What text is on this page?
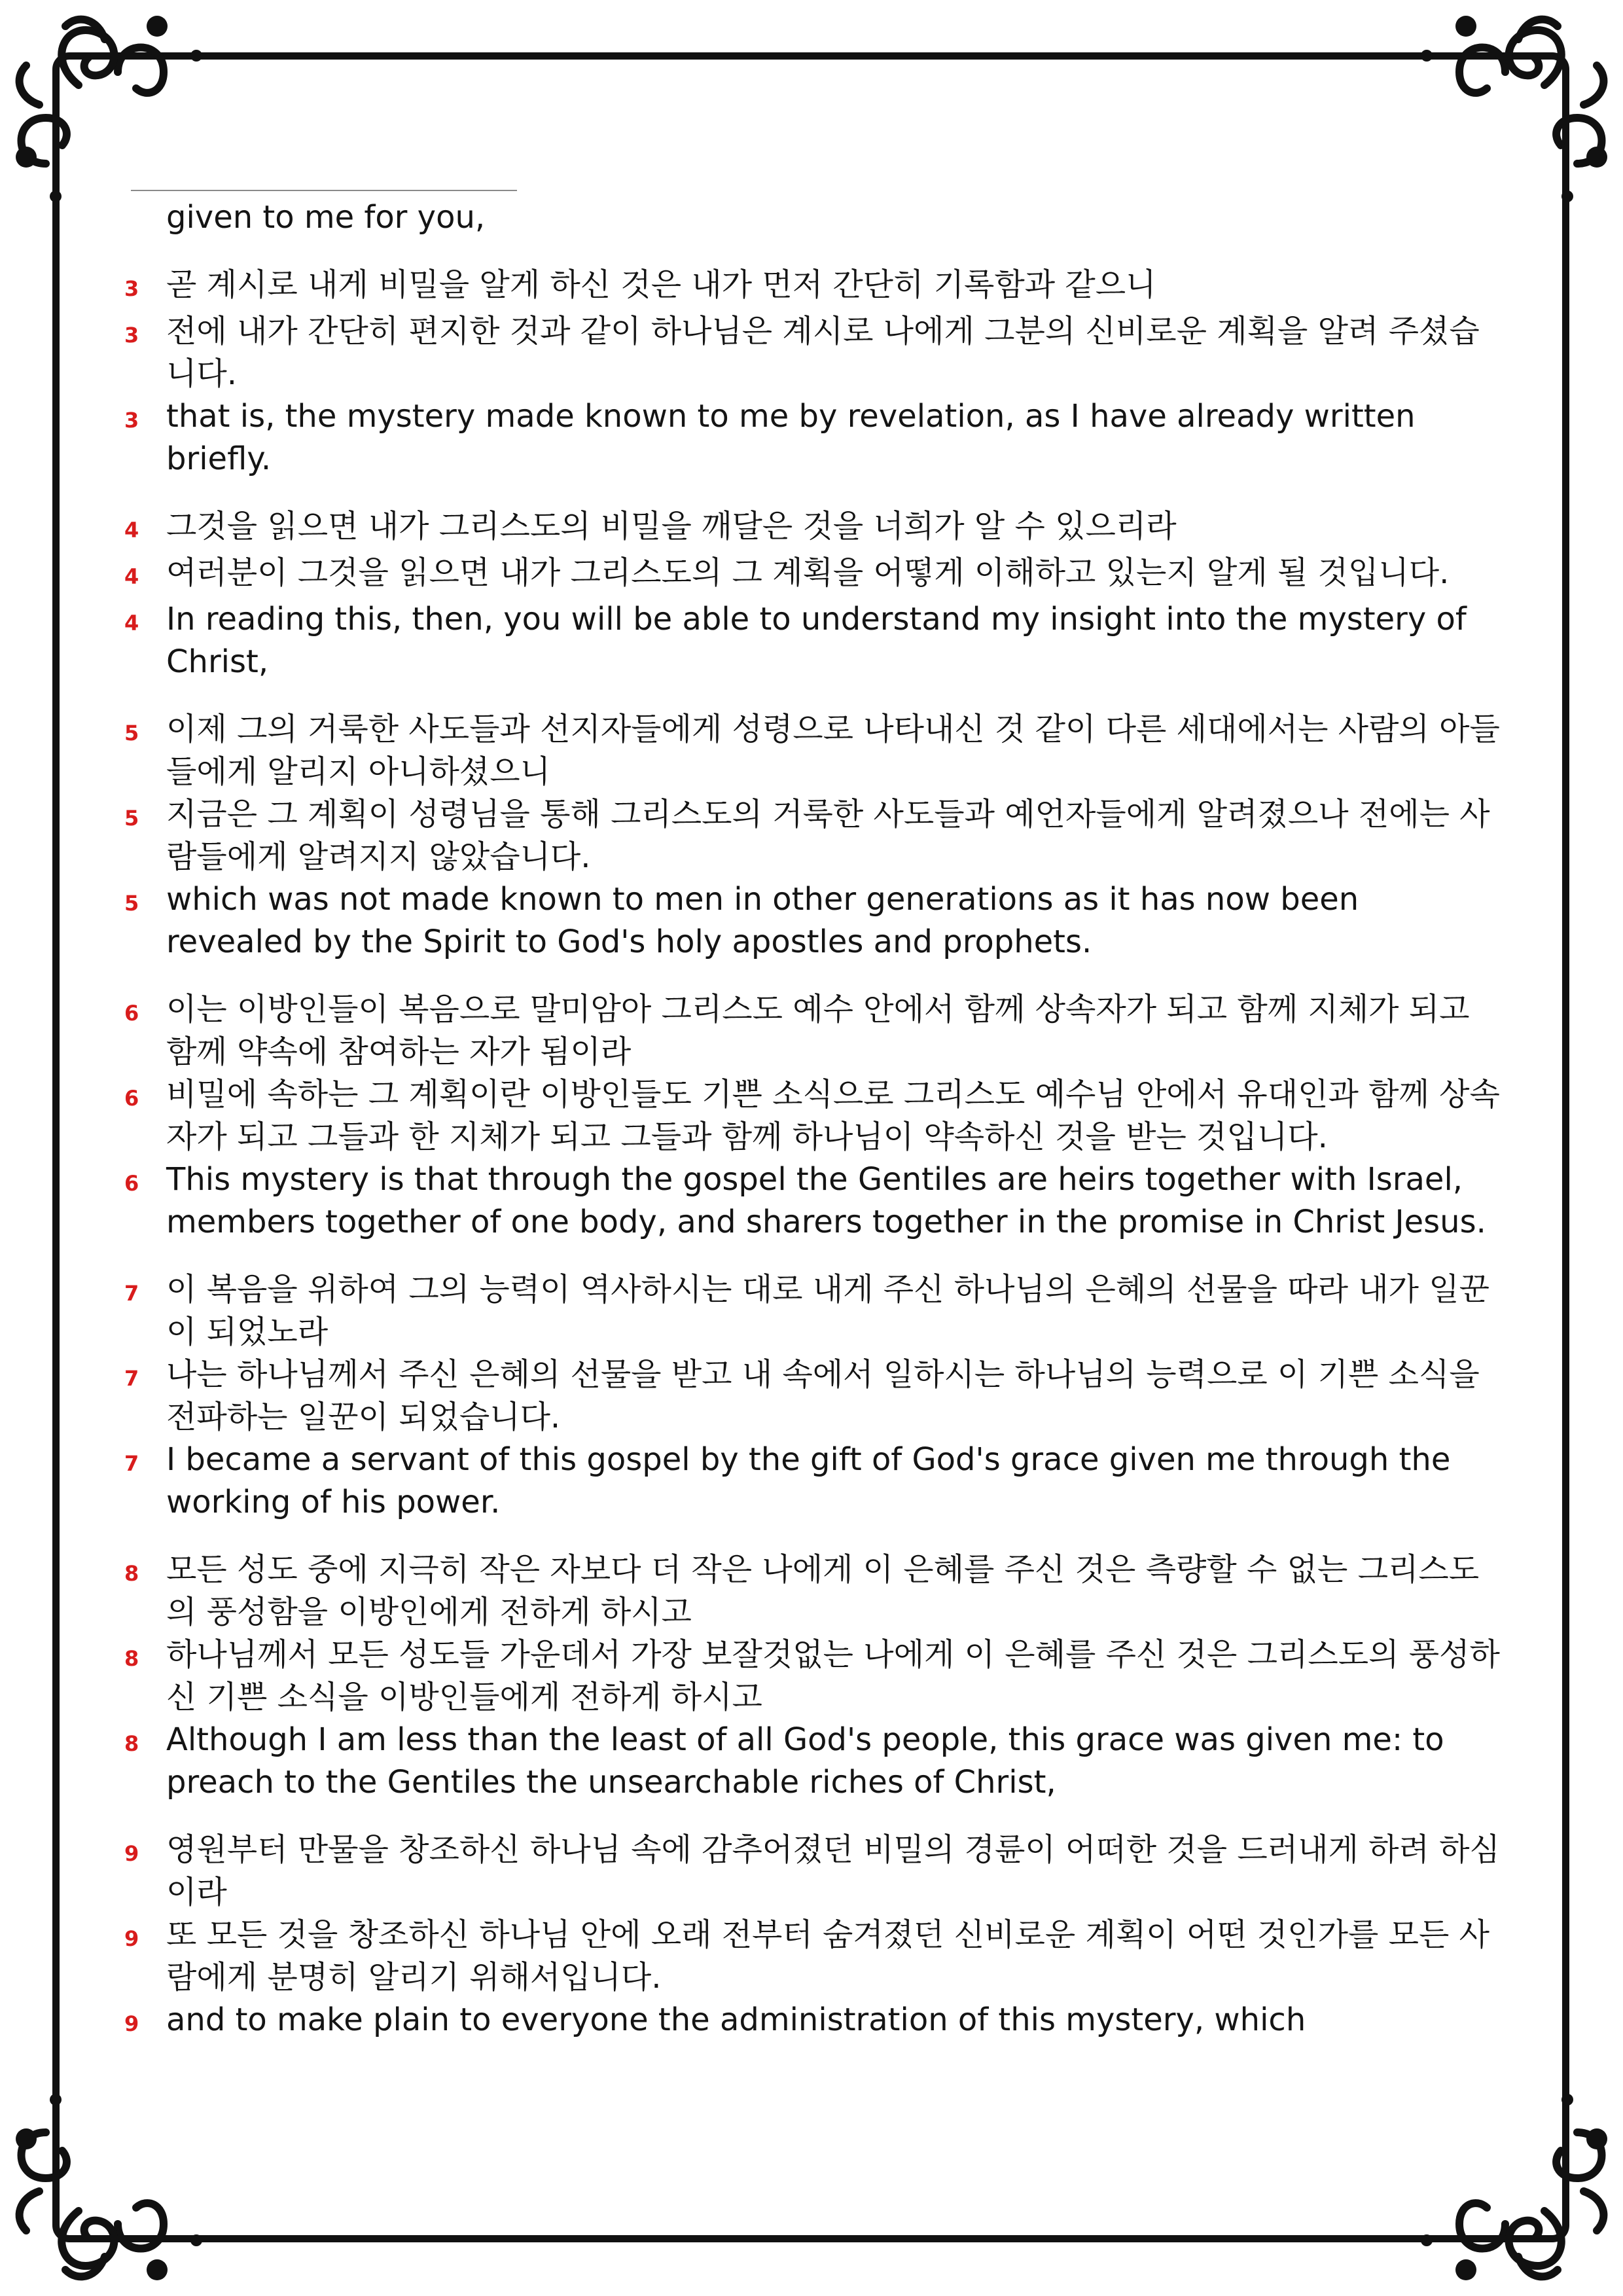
given to me for you,

3 곧 계시로 내게 비밀을 알게 하신 것은 내가 먼저 간단히 기록함과 같으니
3 전에 내가 간단히 편지한 것과 같이 하나님은 계시로 나에게 그분의 신비로운 계획을 알려 주셨습니다.
3 that is, the mystery made known to me by revelation, as I have already written briefly.
4 그것을 읽으면 내가 그리스도의 비밀을 깨달은 것을 너희가 알 수 있으리라
4 여러분이 그것을 읽으면 내가 그리스도의 그 계획을 어떻게 이해하고 있는지 알게 될 것입니다.
4 In reading this, then, you will be able to understand my insight into the mystery of Christ,
5 이제 그의 거룩한 사도들과 선지자들에게 성령으로 나타내신 것 같이 다른 세대에서는 사람의 아들들에게 알리지 아니하셨으니
5 지금은 그 계획이 성령님을 통해 그리스도의 거룩한 사도들과 예언자들에게 알려졌으나 전에는 사람들에게 알려지지 않았습니다.
5 which was not made known to men in other generations as it has now been revealed by the Spirit to God's holy apostles and prophets.
6 이는 이방인들이 복음으로 말미암아 그리스도 예수 안에서 함께 상속자가 되고 함께 지체가 되고 함께 약속에 참여하는 자가 됨이라
6 비밀에 속하는 그 계획이란 이방인들도 기쁜 소식으로 그리스도 예수님 안에서 유대인과 함께 상속자가 되고 그들과 한 지체가 되고 그들과 함께 하나님이 약속하신 것을 받는 것입니다.
6 This mystery is that through the gospel the Gentiles are heirs together with Israel, members together of one body, and sharers together in the promise in Christ Jesus.
7 이 복음을 위하여 그의 능력이 역사하시는 대로 내게 주신 하나님의 은혜의 선물을 따라 내가 일꾼이 되었노라
7 나는 하나님께서 주신 은혜의 선물을 받고 내 속에서 일하시는 하나님의 능력으로 이 기쁜 소식을 전파하는 일꾼이 되었습니다.
7 I became a servant of this gospel by the gift of God's grace given me through the working of his power.
8 모든 성도 중에 지극히 작은 자보다 더 작은 나에게 이 은혜를 주신 것은 측량할 수 없는 그리스도의 풍성함을 이방인에게 전하게 하시고
8 하나님께서 모든 성도들 가운데서 가장 보잘것없는 나에게 이 은혜를 주신 것은 그리스도의 풍성하신 기쁜 소식을 이방인들에게 전하게 하시고
8 Although I am less than the least of all God's people, this grace was given me: to preach to the Gentiles the unsearchable riches of Christ,
9 영원부터 만물을 창조하신 하나님 속에 감추어졌던 비밀의 경륜이 어떠한 것을 드러내게 하려 하심이라
9 또 모든 것을 창조하신 하나님 안에 오래 전부터 숨겨졌던 신비로운 계획이 어떤 것인가를 모든 사람에게 분명히 알리기 위해서입니다.
9 and to make plain to everyone the administration of this mystery, which
